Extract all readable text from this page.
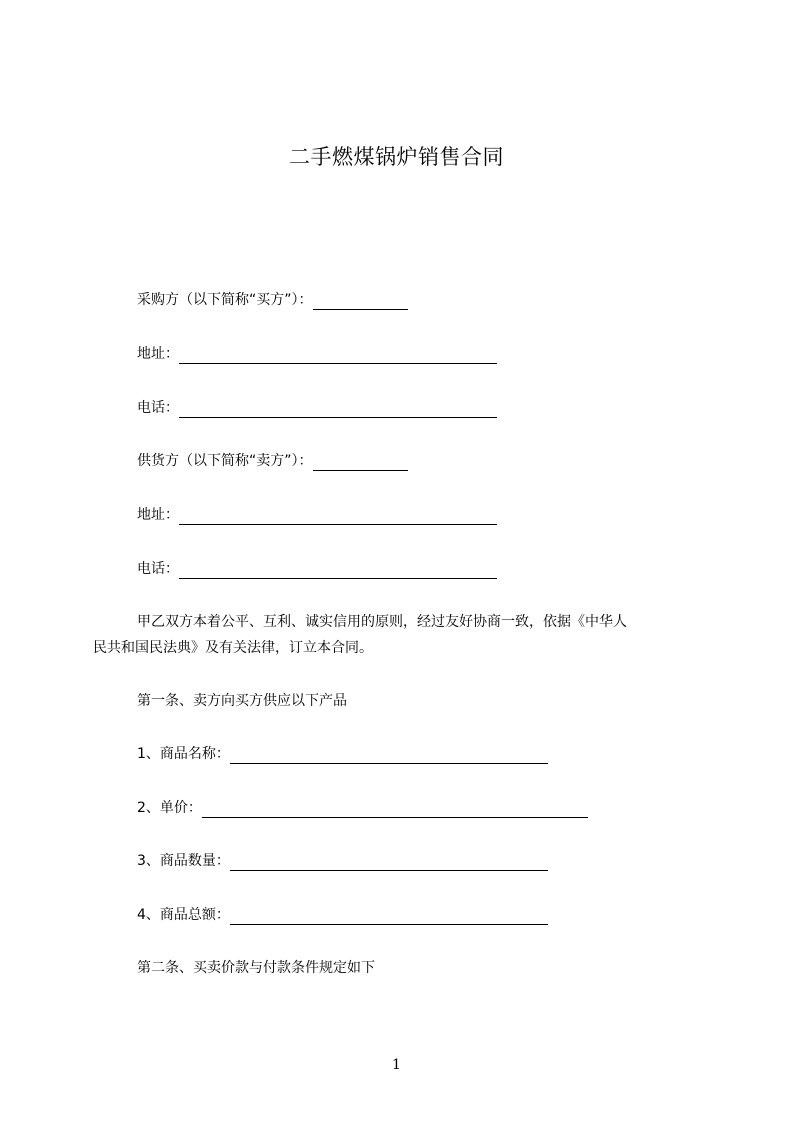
二手燃煤锅炉销售合同
采购方（以下简称“买方”）：
地址：
电话：
供货方（以下简称“卖方”）：
地址：
电话：
甲乙双方本着公平、互利、诚实信用的原则，经过友好协商一致，依据《中华人
民共和国民法典》及有关法律，订立本合同。
第一条、卖方向买方供应以下产品
1、商品名称：
2、单价：
3、商品数量：
4、商品总额：
第二条、买卖价款与付款条件规定如下
1
